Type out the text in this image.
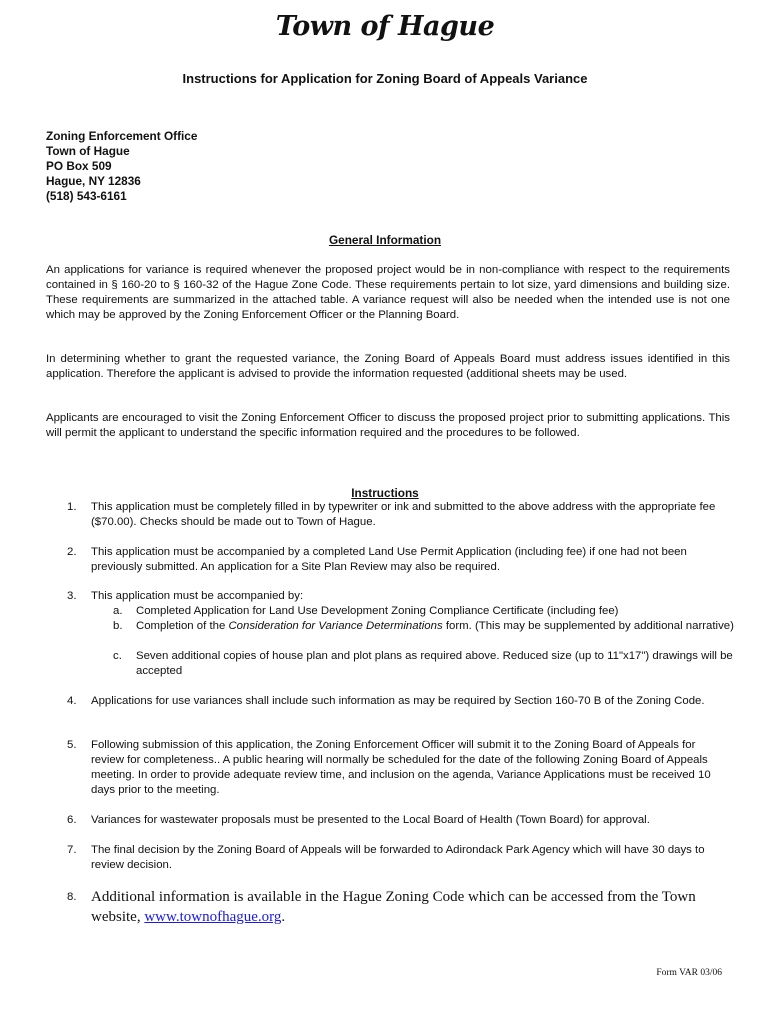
Town of Hague
Instructions for Application for Zoning Board of Appeals Variance
Zoning Enforcement Office
Town of Hague
PO Box 509
Hague, NY 12836
(518) 543-6161
General Information
An applications for variance is required whenever the proposed project would be in non-compliance with respect to the requirements contained in § 160-20 to § 160-32 of the Hague Zone Code. These requirements pertain to lot size, yard dimensions and building size. These requirements are summarized in the attached table. A variance request will also be needed when the intended use is not one which may be approved by the Zoning Enforcement Officer or the Planning Board.
In determining whether to grant the requested variance, the Zoning Board of Appeals Board must address issues identified in this application. Therefore the applicant is advised to provide the information requested (additional sheets may be used.
Applicants are encouraged to visit the Zoning Enforcement Officer to discuss the proposed project prior to submitting applications. This will permit the applicant to understand the specific information required and the procedures to be followed.
Instructions
1.	This application must be completely filled in by typewriter or ink and submitted to the above address with the appropriate fee ($70.00). Checks should be made out to Town of Hague.
2.	This application must be accompanied by a completed Land Use Permit Application (including fee) if one had not been previously submitted. An application for a Site Plan Review may also be required.
3.	This application must be accompanied by:
a.	Completed Application for Land Use Development Zoning Compliance Certificate (including fee)
b.	Completion of the Consideration for Variance Determinations form. (This may be supplemented by additional narrative)
c.	Seven additional copies of house plan and plot plans as required above. Reduced size (up to 11"x17") drawings will be accepted
4.	Applications for use variances shall include such information as may be required by Section 160-70 B of the Zoning Code.
5.	Following submission of this application, the Zoning Enforcement Officer will submit it to the Zoning Board of Appeals for review for completeness.. A public hearing will normally be scheduled for the date of the following Zoning Board of Appeals meeting. In order to provide adequate review time, and inclusion on the agenda, Variance Applications must be received 10 days prior to the meeting.
6.	Variances for wastewater proposals must be presented to the Local Board of Health (Town Board) for approval.
7.	The final decision by the Zoning Board of Appeals will be forwarded to Adirondack Park Agency which will have 30 days to review decision.
8. Additional information is available in the Hague Zoning Code which can be accessed from the Town website, www.townofhague.org.
Form VAR 03/06
